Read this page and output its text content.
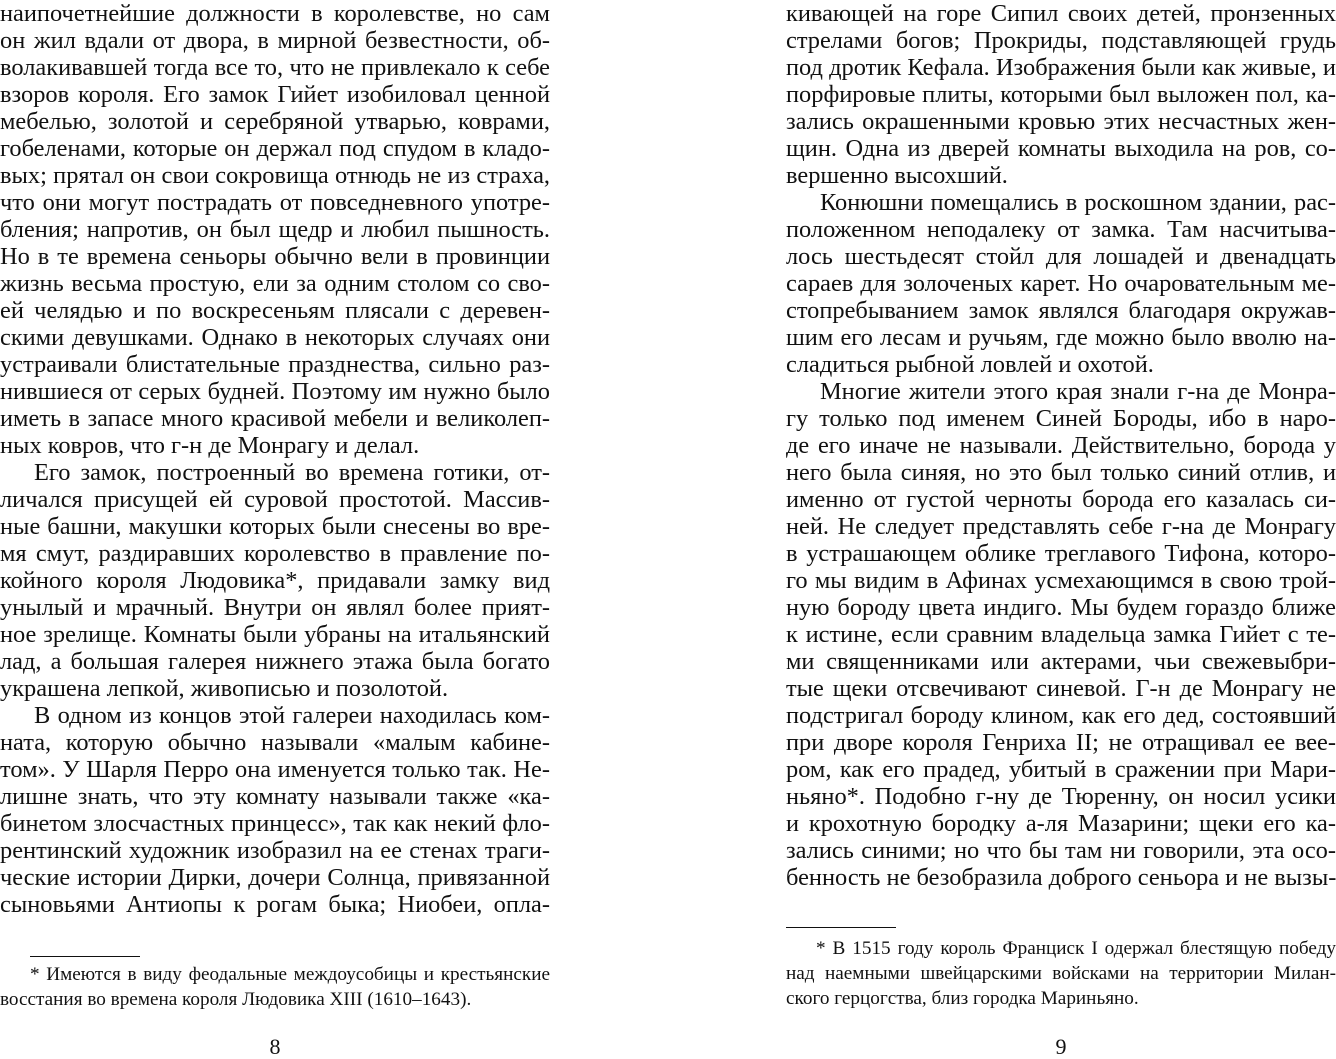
наипочетнейшие должности в королевстве, но сам
он жил вдали от двора, в мирной безвестности, об-
волакивавшей тогда все то, что не привлекало к себе
взоров короля. Его замок Гийет изобиловал ценной
мебелью, золотой и серебряной утварью, коврами,
гобеленами, которые он держал под спудом в кладо-
вых; прятал он свои сокровища отнюдь не из страха,
что они могут пострадать от повседневного употре-
бления; напротив, он был щедр и любил пышность.
Но в те времена сеньоры обычно вели в провинции
жизнь весьма простую, ели за одним столом со сво-
ей челядью и по воскресеньям плясали с деревен-
скими девушками. Однако в некоторых случаях они
устраивали блистательные празднества, сильно раз-
нившиеся от серых будней. Поэтому им нужно было
иметь в запасе много красивой мебели и великолеп-
ных ковров, что г-н де Монрагу и делал.
Его замок, построенный во времена готики, от-
личался присущей ей суровой простотой. Массив-
ные башни, макушки которых были снесены во вре-
мя смут, раздиравших королевство в правление по-
койного короля Людовика*, придавали замку вид
унылый и мрачный. Внутри он являл более прият-
ное зрелище. Комнаты были убраны на итальянский
лад, а большая галерея нижнего этажа была богато
украшена лепкой, живописью и позолотой.
В одном из концов этой галереи находилась ком-
ната, которую обычно называли «малым кабине-
том». У Шарля Перро она именуется только так. Не-
лишне знать, что эту комнату называли также «ка-
бинетом злосчастных принцесс», так как некий фло-
рентинский художник изобразил на ее стенах траги-
ческие истории Дирки, дочери Солнца, привязанной
сыновьями Антиопы к рогам быка; Ниобеи, опла-
* Имеются в виду феодальные междоусобицы и крестьянские
восстания во времена короля Людовика XIII (1610–1643).
8
кивающей на горе Сипил своих детей, пронзенных
стрелами богов; Прокриды, подставляющей грудь
под дротик Кефала. Изображения были как живые, и
порфировые плиты, которыми был выложен пол, ка-
зались окрашенными кровью этих несчастных жен-
щин. Одна из дверей комнаты выходила на ров, со-
вершенно высохший.
Конюшни помещались в роскошном здании, рас-
положенном неподалеку от замка. Там насчитыва-
лось шестьдесят стойл для лошадей и двенадцать
сараев для золоченых карет. Но очаровательным ме-
стопребыванием замок являлся благодаря окружав-
шим его лесам и ручьям, где можно было вволю на-
сладиться рыбной ловлей и охотой.
Многие жители этого края знали г-на де Монра-
гу только под именем Синей Бороды, ибо в наро-
де его иначе не называли. Действительно, борода у
него была синяя, но это был только синий отлив, и
именно от густой черноты борода его казалась си-
ней. Не следует представлять себе г-на де Монрагу
в устрашающем облике треглавого Тифона, которо-
го мы видим в Афинах усмехающимся в свою трой-
ную бороду цвета индиго. Мы будем гораздо ближе
к истине, если сравним владельца замка Гийет с те-
ми священниками или актерами, чьи свежевыбри-
тые щеки отсвечивают синевой. Г-н де Монрагу не
подстригал бороду клином, как его дед, состоявший
при дворе короля Генриха II; не отращивал ее вее-
ром, как его прадед, убитый в сражении при Мари-
ньяно*. Подобно г-ну де Тюренну, он носил усики
и крохотную бородку а-ля Мазарини; щеки его ка-
зались синими; но что бы там ни говорили, эта осо-
бенность не безобразила доброго сеньора и не вызы-
* В 1515 году король Франциск I одержал блестящую победу
над наемными швейцарскими войсками на территории Милан-
ского герцогства, близ городка Мариньяно.
9
